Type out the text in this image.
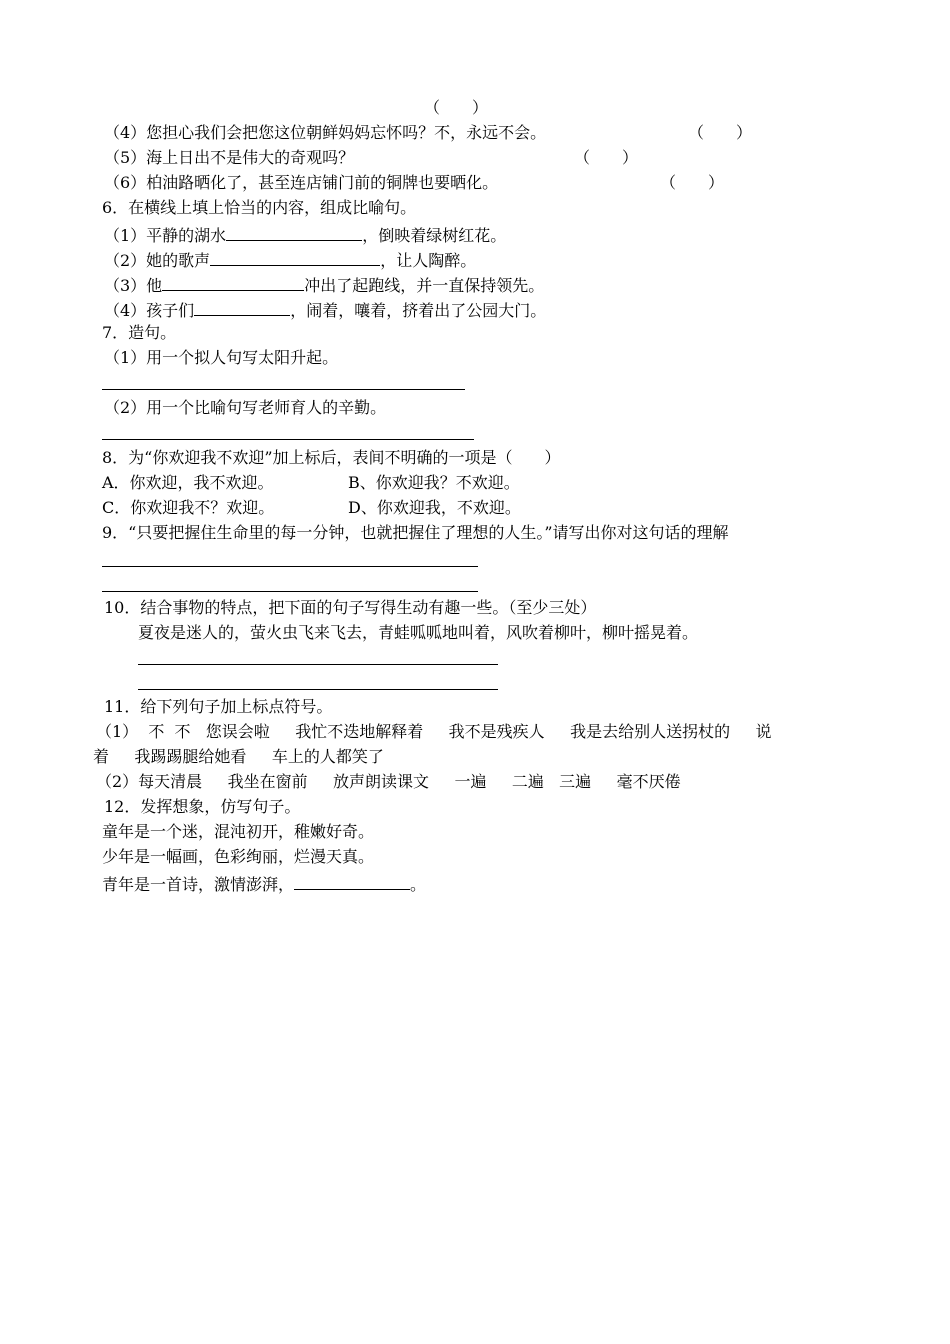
（　　）
（4）您担心我们会把您这位朝鲜妈妈忘怀吗？不，永远不会。	（　　）
（5）海上日出不是伟大的奇观吗？	（　　）
（6）柏油路晒化了，甚至连店铺门前的铜牌也要晒化。	（　　）
6．在横线上填上恰当的内容，组成比喻句。
（1）平静的湖水	，倒映着绿树红花。
（2）她的歌声	，让人陶醉。
（3）他	冲出了起跑线，并一直保持领先。
（4）孩子们	，闹着，嚷着，挤着出了公园大门。
7．造句。
（1）用一个拟人句写太阳升起。
（2）用一个比喻句写老师育人的辛勤。
8．为“你欢迎我不欢迎”加上标后，表间不明确的一项是（　　）
A．你欢迎，我不欢迎。	B、你欢迎我？不欢迎。
C．你欢迎我不？欢迎。	D、你欢迎我，不欢迎。
9．“只要把握住生命里的每一分钟，也就把握住了理想的人生。”请写出你对这句话的理解
10．结合事物的特点，把下面的句子写得生动有趣一些。（至少三处）
夏夜是迷人的，萤火虫飞来飞去，青蛙呱呱地叫着，风吹着柳叶，柳叶摇晃着。
11．给下列句子加上标点符号。
（1）  不  不   您误会啦     我忙不迭地解释着     我不是残疾人     我是去给别人送拐杖的     说
着     我踢踢腿给她看     车上的人都笑了
（2）每天清晨     我坐在窗前     放声朗读课文     一遍     二遍   三遍     毫不厌倦
12．发挥想象，仿写句子。
童年是一个迷，混沌初开，稚嫩好奇。
少年是一幅画，色彩绚丽，烂漫天真。
青年是一首诗，激情澎湃，	。
